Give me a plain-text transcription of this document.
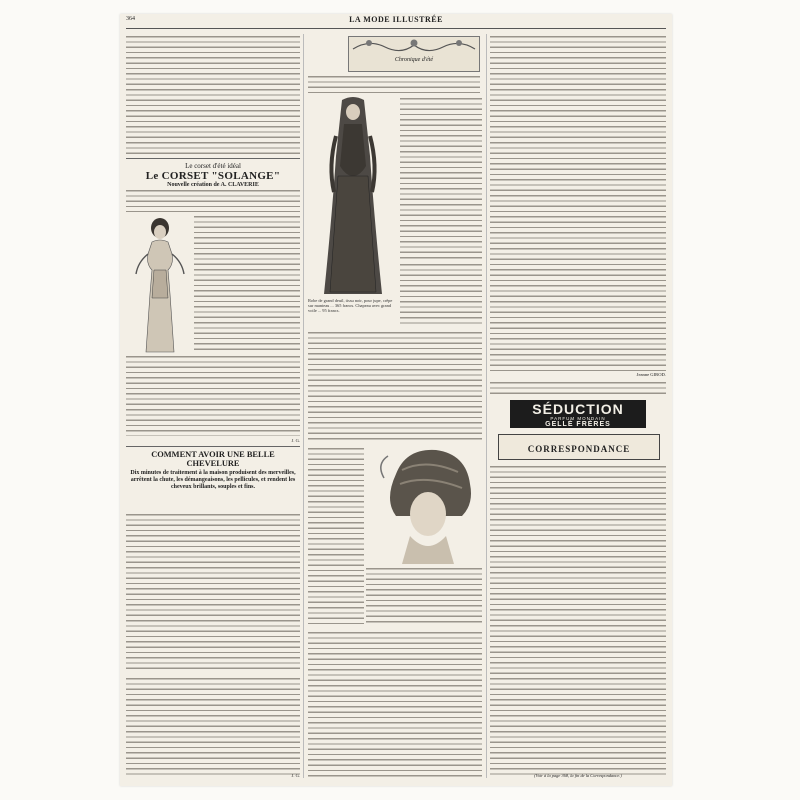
364	LA MODE ILLUSTRÉE
Le corset d'été idéal
Le CORSET "SOLANGE"
Nouvelle création de A. CLAVERIE
J. G.
COMMENT AVOIR UNE BELLE CHEVELURE
Dix minutes de traitement à la maison produisent des merveilles, arrêtent la chute, les démangeaisons, les pellicules, et rendent les cheveux brillants, souples et fins.
J. G.
Chronique d'été
Robe de grand deuil, tissu noir, pour jupe, crêpe sur manteau ... 365 francs. Chapeau avec grand voile ... 95 francs.
Jeanne GIROD.
SÉDUCTION
PARFUM MONDAIN
GELLÉ FRÈRES
CORRESPONDANCE
(Voir à la page 368, la fin de la Correspondance.)
